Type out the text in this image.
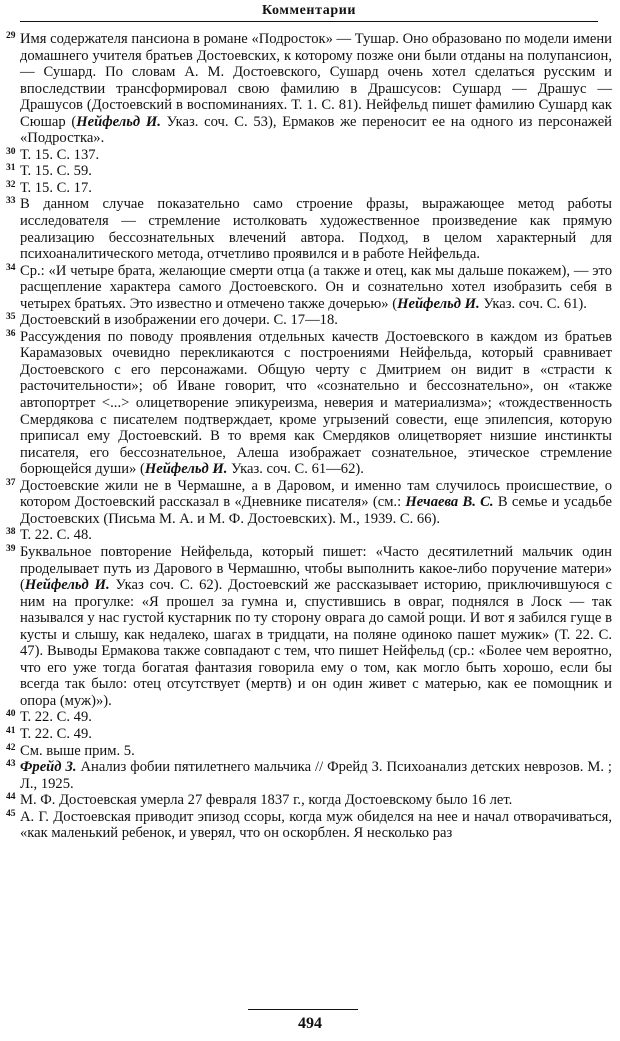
Комментарии

29 Имя содержателя пансиона в романе «Подросток» — Тушар. Оно образовано по модели имени домашнего учителя братьев Достоевских, к которому позже они были отданы на полупансион, — Сушард. По словам А. М. Достоевского, Сушард очень хотел сделаться русским и впоследствии трансформировал свою фамилию в Драшсусов: Сушард — Драшус — Драшусов (Достоевский в воспоминаниях. Т. 1. С. 81). Нейфельд пишет фамилию Сушард как Сюшар (Нейфельд И. Указ. соч. С. 53), Ермаков же переносит ее на одного из персонажей «Подростка».

30 Т. 15. С. 137.

31 Т. 15. С. 59.

32 Т. 15. С. 17.

33 В данном случае показательно само строение фразы, выражающее метод работы исследователя — стремление истолковать художественное произведение как прямую реализацию бессознательных влечений автора. Подход, в целом характерный для психоаналитического метода, отчетливо проявился и в работе Нейфельда.

34 Ср.: «И четыре брата, желающие смерти отца (а также и отец, как мы дальше покажем), — это расщепление характера самого Достоевского. Он и сознательно хотел изобразить себя в четырех братьях. Это известно и отмечено также дочерью» (Нейфельд И. Указ. соч. С. 61).

35 Достоевский в изображении его дочери. С. 17—18.

36 Рассуждения по поводу проявления отдельных качеств Достоевского в каждом из братьев Карамазовых очевидно перекликаются с построениями Нейфельда, который сравнивает Достоевского с его персонажами. Общую черту с Дмитрием он видит в «страсти к расточительности»; об Иване говорит, что «сознательно и бессознательно», он «также автопортрет <...> олицетворение эпикуреизма, неверия и материализма»; «тождественность Смердякова с писателем подтверждает, кроме угрызений совести, еще эпилепсия, которую приписал ему Достоевский. В то время как Смердяков олицетворяет низшие инстинкты писателя, его бессознательное, Алеша изображает сознательное, этическое стремление борющейся души» (Нейфельд И. Указ. соч. С. 61—62).

37 Достоевские жили не в Чермашне, а в Даровом, и именно там случилось происшествие, о котором Достоевский рассказал в «Дневнике писателя» (см.: Нечаева В. С. В семье и усадьбе Достоевских (Письма М. А. и М. Ф. Достоевских). М., 1939. С. 66).

38 Т. 22. С. 48.

39 Буквальное повторение Нейфельда, который пишет: «Часто десятилетний мальчик один проделывает путь из Дарового в Чермашню, чтобы выполнить какое-либо поручение матери» (Нейфельд И. Указ соч. С. 62). Достоевский же рассказывает историю, приключившуюся с ним на прогулке: «Я прошел за гумна и, спустившись в овраг, поднялся в Лоск — так назывался у нас густой кустарник по ту сторону оврага до самой рощи. И вот я забился гуще в кусты и слышу, как недалеко, шагах в тридцати, на поляне одиноко пашет мужик» (Т. 22. С. 47). Выводы Ермакова также совпадают с тем, что пишет Нейфельд (ср.: «Более чем вероятно, что его уже тогда богатая фантазия говорила ему о том, как могло быть хорошо, если бы всегда так было: отец отсутствует (мертв) и он один живет с матерью, как ее помощник и опора (муж)»).

40 Т. 22. С. 49.

41 Т. 22. С. 49.

42 См. выше прим. 5.

43 Фрейд З. Анализ фобии пятилетнего мальчика // Фрейд З. Психоанализ детских неврозов. М. ; Л., 1925.

44 М. Ф. Достоевская умерла 27 февраля 1837 г., когда Достоевскому было 16 лет.

45 А. Г. Достоевская приводит эпизод ссоры, когда муж обиделся на нее и начал отворачиваться, «как маленький ребенок, и уверял, что он оскорблен. Я несколько раз

494
